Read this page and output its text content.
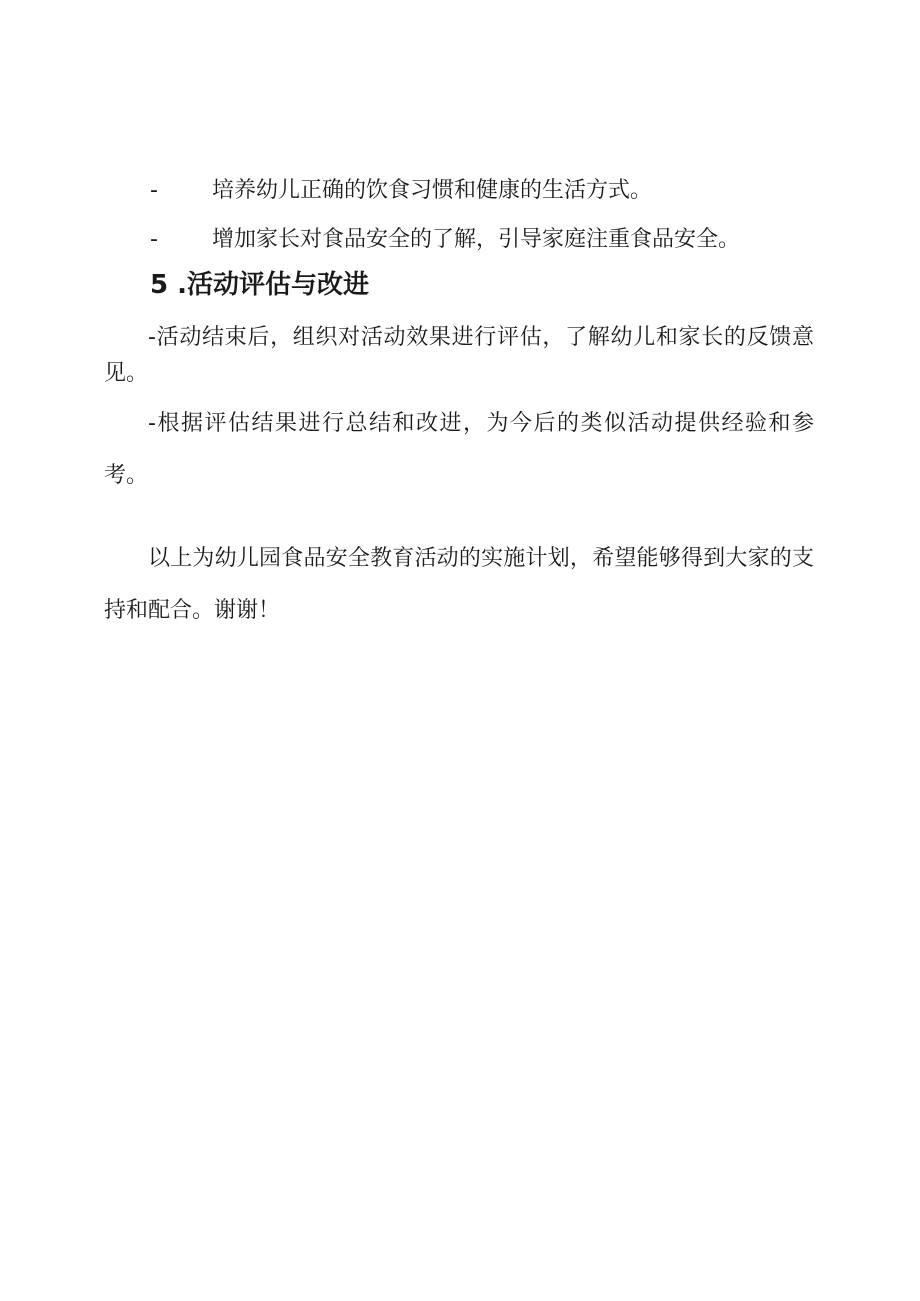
- 培养幼儿正确的饮食习惯和健康的生活方式。
- 增加家长对食品安全的了解，引导家庭注重食品安全。
5 .活动评估与改进

-活动结束后，组织对活动效果进行评估，了解幼儿和家长的反馈意见。

-根据评估结果进行总结和改进，为今后的类似活动提供经验和参考。

以上为幼儿园食品安全教育活动的实施计划，希望能够得到大家的支持和配合。谢谢！
